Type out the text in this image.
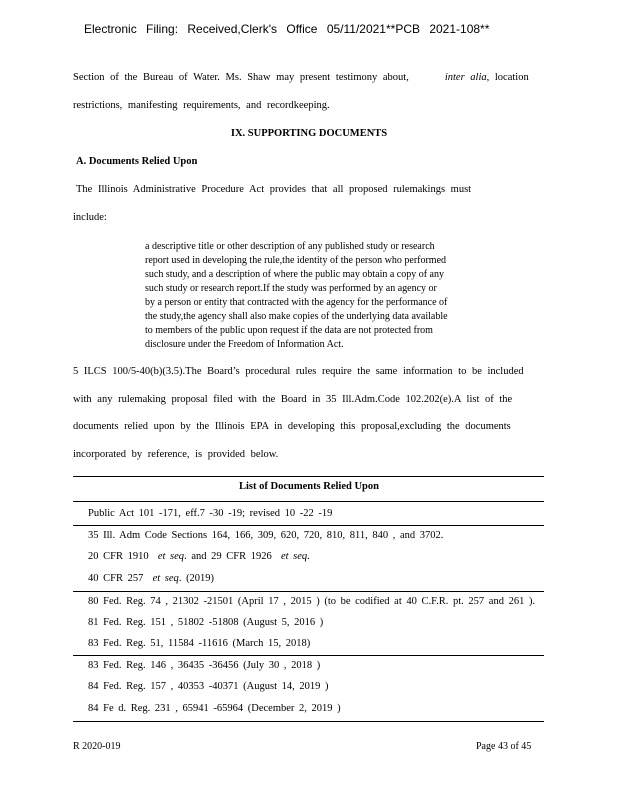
Electronic Filing: Received,Clerk's Office 05/11/2021**PCB 2021-108**
Section of the Bureau of Water. Ms. Shaw may present testimony about,	inter alia, location
restrictions, manifesting requirements, and recordkeeping.
IX. SUPPORTING DOCUMENTS
A. Documents Relied Upon
The Illinois Administrative Procedure Act provides that all proposed rulemakings must
include:
a descriptive title or other description of any published study or research
report used in developing the rule,the identity of the person who performed
such study, and a description of where the public may obtain a copy of any
such study or research report.If the study was performed by an agency or
by a person or entity that contracted with the agency for the performance of
the study,the agency shall also make copies of the underlying data available
to members of the public upon request if the data are not protected from
disclosure under the Freedom of Information Act.
5 ILCS 100/5-40(b)(3.5).The Board’s procedural rules require the same information to be included
with any rulemaking proposal filed with the Board in 35 Ill.Adm.Code 102.202(e).A list of the
documents relied upon by the Illinois EPA in developing this proposal,excluding the documents
incorporated by reference, is provided below.
List of Documents Relied Upon
Public Act 101 -171, eff.7 -30 -19; revised 10 -22 -19
35 Ill. Adm Code Sections 164, 166, 309, 620, 720, 810, 811, 840 , and 3702.
20 CFR 1910 et seq. and 29 CFR 1926 et seq.
40 CFR 257 et seq. (2019)
80 Fed. Reg. 74 , 21302 -21501 (April 17 , 2015 ) (to be codified at 40 C.F.R. pt. 257 and 261 ).
81 Fed. Reg. 151 , 51802 -51808 (August 5, 2016 )
83 Fed. Reg. 51, 11584 -11616 (March 15, 2018)
83 Fed. Reg. 146 , 36435 -36456 (July 30 , 2018 )
84 Fed. Reg. 157 , 40353 -40371 (August 14, 2019 )
84 Fe d. Reg. 231 , 65941 -65964 (December 2, 2019 )
R 2020-019	Page 43 of 45
